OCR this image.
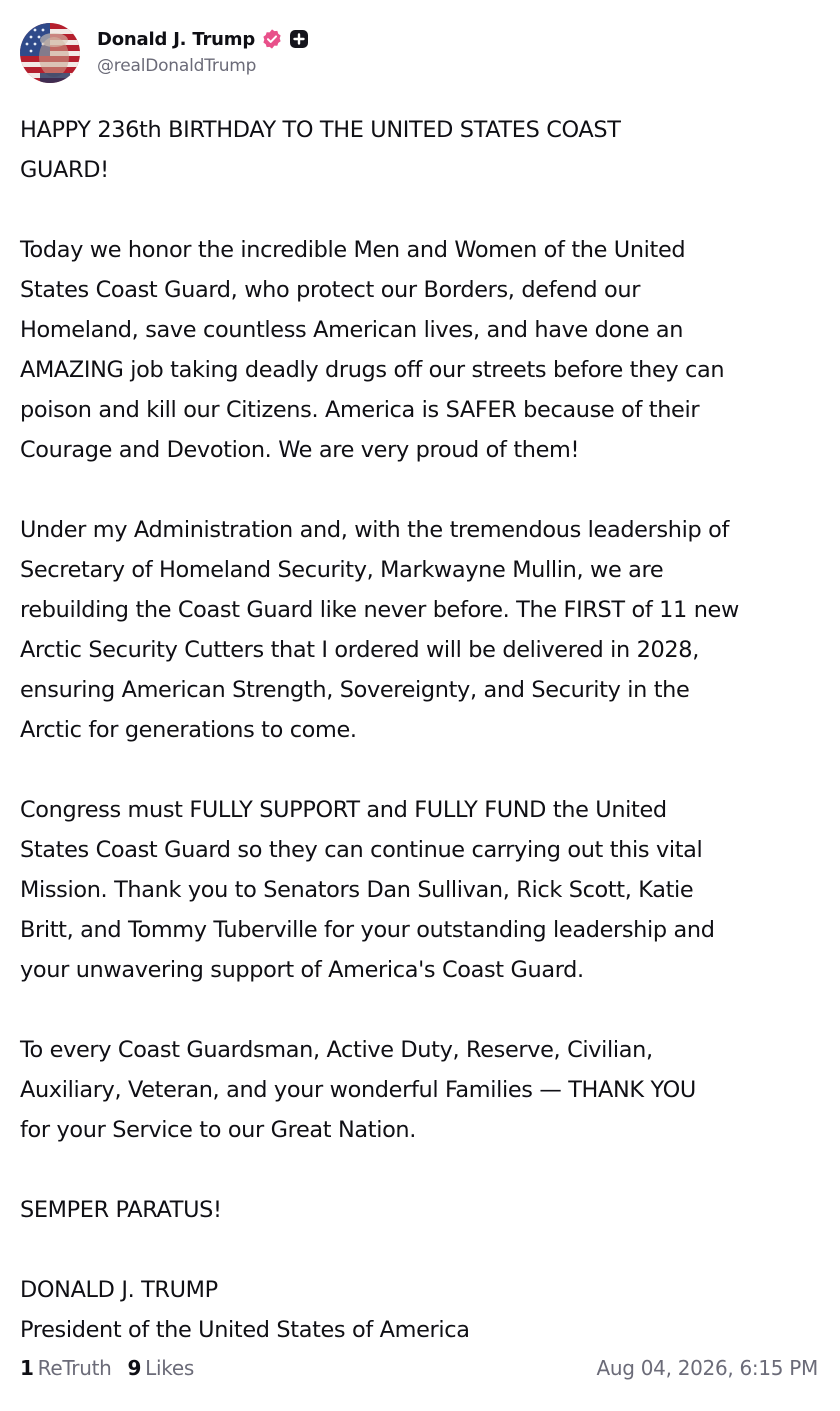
Donald J. Trump
@realDonaldTrump

HAPPY 236th BIRTHDAY TO THE UNITED STATES COAST
GUARD!

Today we honor the incredible Men and Women of the United
States Coast Guard, who protect our Borders, defend our
Homeland, save countless American lives, and have done an
AMAZING job taking deadly drugs off our streets before they can
poison and kill our Citizens. America is SAFER because of their
Courage and Devotion. We are very proud of them!

Under my Administration and, with the tremendous leadership of
Secretary of Homeland Security, Markwayne Mullin, we are
rebuilding the Coast Guard like never before. The FIRST of 11 new
Arctic Security Cutters that I ordered will be delivered in 2028,
ensuring American Strength, Sovereignty, and Security in the
Arctic for generations to come.

Congress must FULLY SUPPORT and FULLY FUND the United
States Coast Guard so they can continue carrying out this vital
Mission. Thank you to Senators Dan Sullivan, Rick Scott, Katie
Britt, and Tommy Tuberville for your outstanding leadership and
your unwavering support of America's Coast Guard.

To every Coast Guardsman, Active Duty, Reserve, Civilian,
Auxiliary, Veteran, and your wonderful Families — THANK YOU
for your Service to our Great Nation.

SEMPER PARATUS!

DONALD J. TRUMP
President of the United States of America

1 ReTruth 9 Likes	Aug 04, 2026, 6:15 PM
